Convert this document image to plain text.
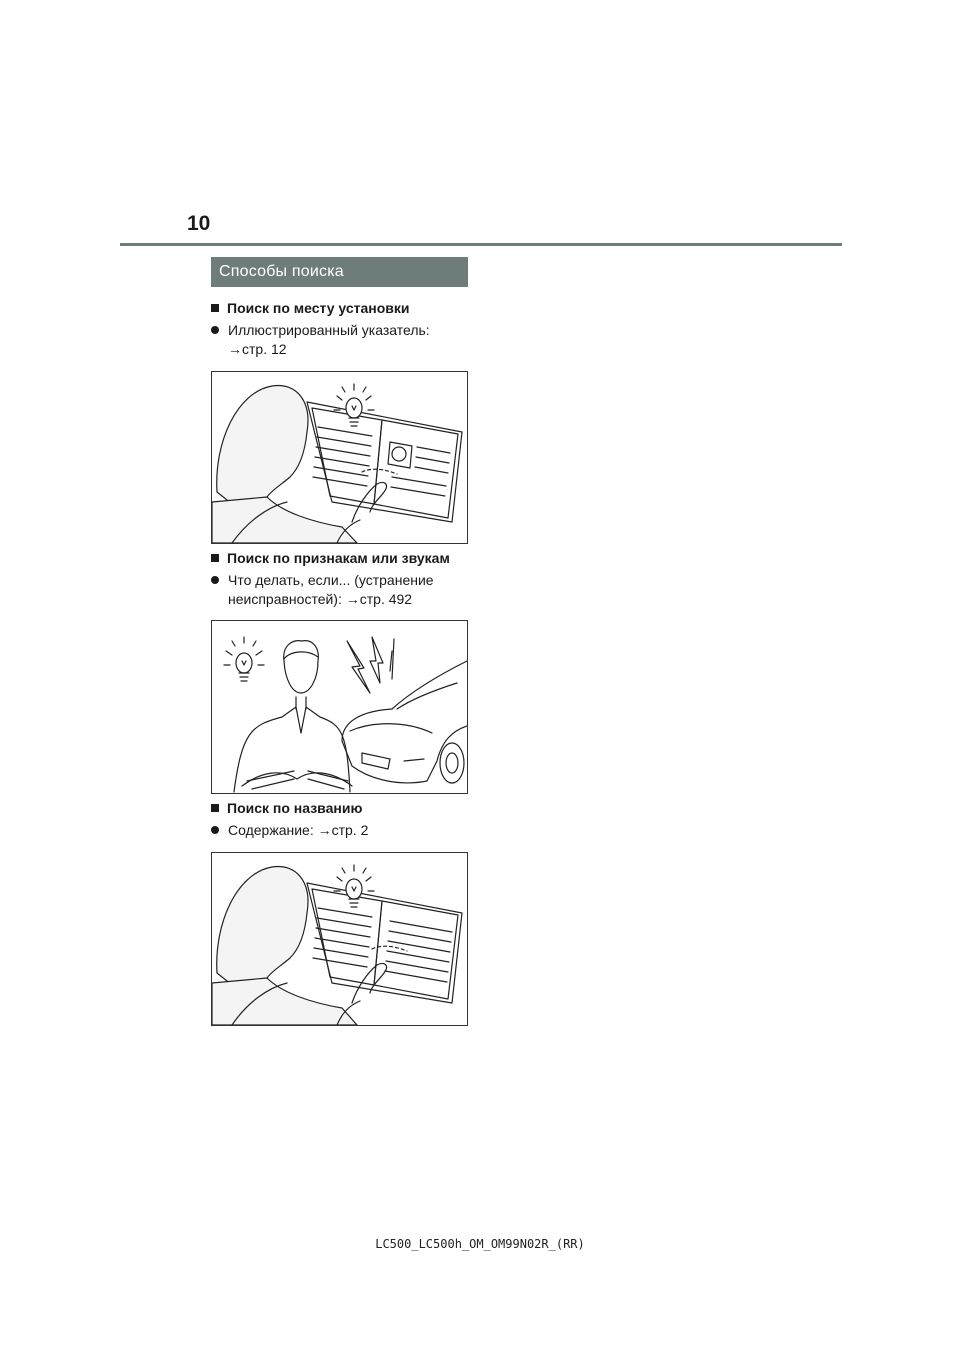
10
Способы поиска
Поиск по месту установки
Иллюстрированный указатель:
→стр. 12
Поиск по признакам или звукам
Что делать, если... (устранение
неисправностей): →стр. 492
Поиск по названию
Содержание: →стр. 2
LC500_LC500h_OM_OM99N02R_(RR)
